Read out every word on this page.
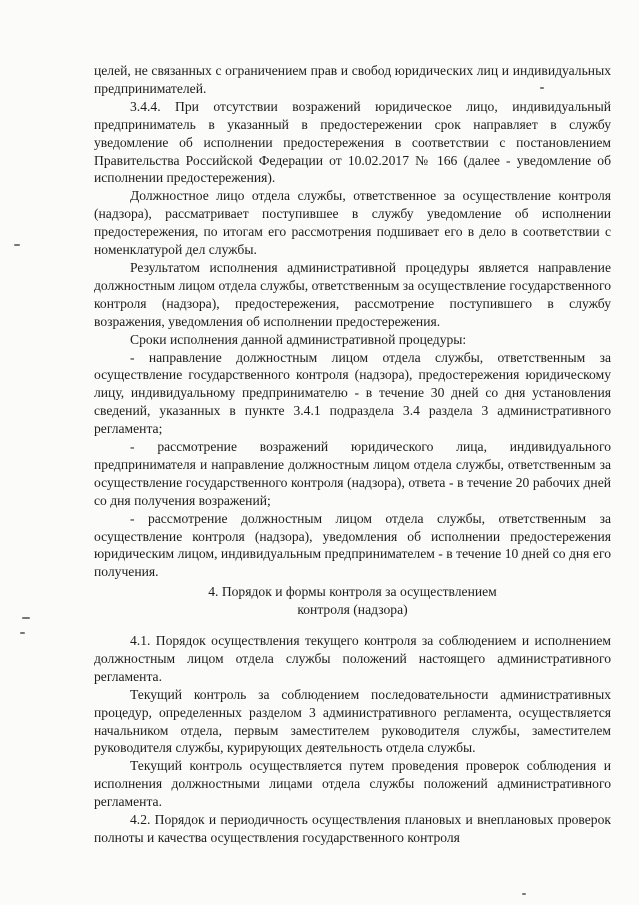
целей, не связанных с ограничением прав и свобод юридических лиц и индивидуальных предпринимателей.

3.4.4. При отсутствии возражений юридическое лицо, индивидуальный предприниматель в указанный в предостережении срок направляет в службу уведомление об исполнении предостережения в соответствии с постановлением Правительства Российской Федерации от 10.02.2017 № 166 (далее - уведомление об исполнении предостережения).

Должностное лицо отдела службы, ответственное за осуществление контроля (надзора), рассматривает поступившее в службу уведомление об исполнении предостережения, по итогам его рассмотрения подшивает его в дело в соответствии с номенклатурой дел службы.

Результатом исполнения административной процедуры является направление должностным лицом отдела службы, ответственным за осуществление государственного контроля (надзора), предостережения, рассмотрение поступившего в службу возражения, уведомления об исполнении предостережения.

Сроки исполнения данной административной процедуры:

- направление должностным лицом отдела службы, ответственным за осуществление государственного контроля (надзора), предостережения юридическому лицу, индивидуальному предпринимателю - в течение 30 дней со дня установления сведений, указанных в пункте 3.4.1 подраздела 3.4 раздела 3 административного регламента;

- рассмотрение возражений юридического лица, индивидуального предпринимателя и направление должностным лицом отдела службы, ответственным за осуществление государственного контроля (надзора), ответа - в течение 20 рабочих дней со дня получения возражений;

- рассмотрение должностным лицом отдела службы, ответственным за осуществление контроля (надзора), уведомления об исполнении предостережения юридическим лицом, индивидуальным предпринимателем - в течение 10 дней со дня его получения.

4. Порядок и формы контроля за осуществлением
контроля (надзора)

4.1. Порядок осуществления текущего контроля за соблюдением и исполнением должностным лицом отдела службы положений настоящего административного регламента.

Текущий контроль за соблюдением последовательности административных процедур, определенных разделом 3 административного регламента, осуществляется начальником отдела, первым заместителем руководителя службы, заместителем руководителя службы, курирующих деятельность отдела службы.

Текущий контроль осуществляется путем проведения проверок соблюдения и исполнения должностными лицами отдела службы положений административного регламента.

4.2. Порядок и периодичность осуществления плановых и внеплановых проверок полноты и качества осуществления государственного контроля
